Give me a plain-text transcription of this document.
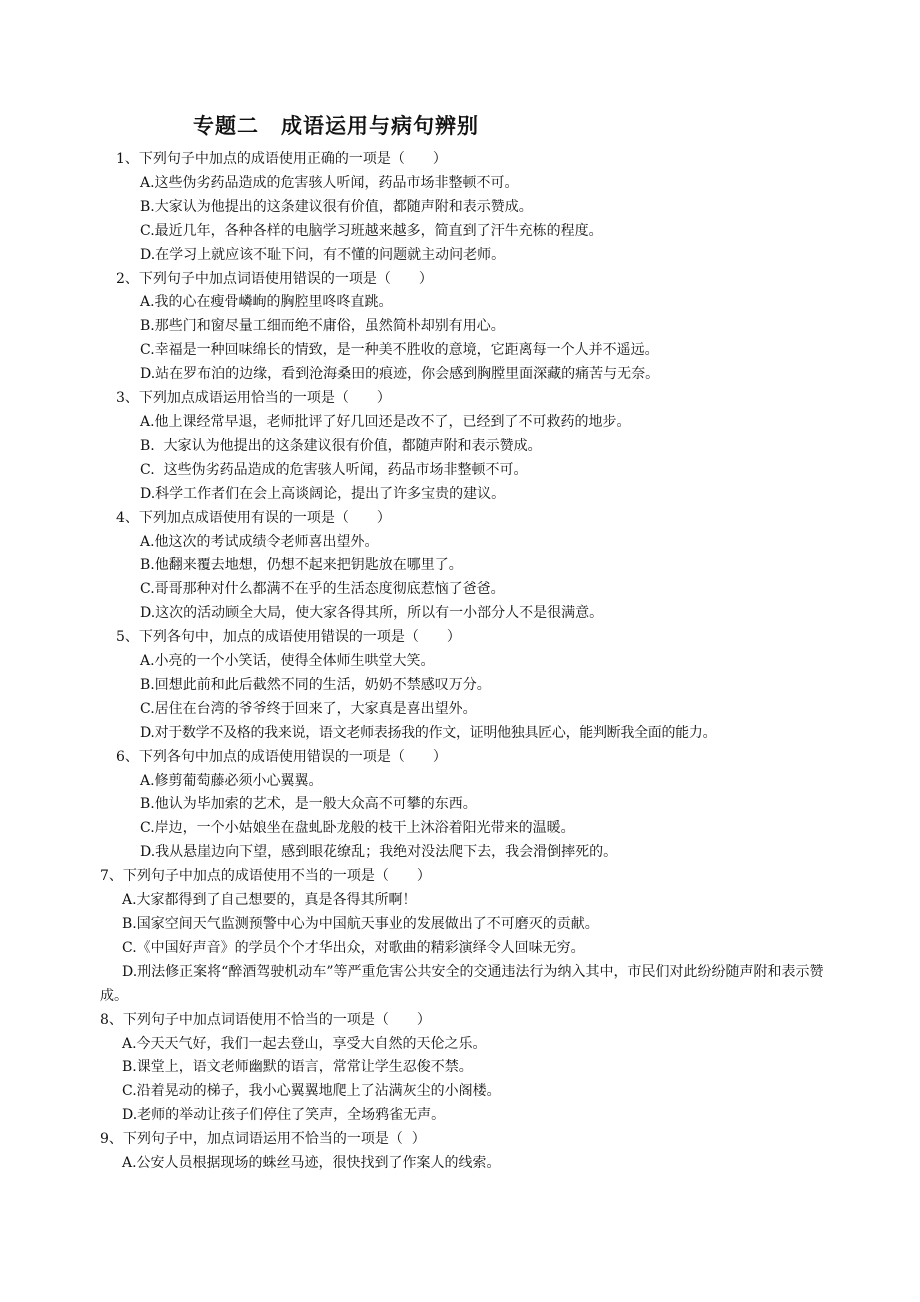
专题二　成语运用与病句辨别
1、下列句子中加点的成语使用正确的一项是（　　）
A.这些伪劣药品造成的危害骇人听闻，药品市场非整顿不可。
B.大家认为他提出的这条建议很有价值，都随声附和表示赞成。
C.最近几年，各种各样的电脑学习班越来越多，简直到了汗牛充栋的程度。
D.在学习上就应该不耻下问，有不懂的问题就主动问老师。
2、下列句子中加点词语使用错误的一项是（　　）
A.我的心在瘦骨嶙峋的胸腔里咚咚直跳。
B.那些门和窗尽量工细而绝不庸俗，虽然简朴却别有用心。
C.幸福是一种回味绵长的情致，是一种美不胜收的意境，它距离每一个人并不遥远。
D.站在罗布泊的边缘，看到沧海桑田的痕迹，你会感到胸膛里面深藏的痛苦与无奈。
3、下列加点成语运用恰当的一项是（　　）
A.他上课经常早退，老师批评了好几回还是改不了，已经到了不可救药的地步。
B.  大家认为他提出的这条建议很有价值，都随声附和表示赞成。
C.  这些伪劣药品造成的危害骇人听闻，药品市场非整顿不可。
D.科学工作者们在会上高谈阔论，提出了许多宝贵的建议。
4、下列加点成语使用有误的一项是（　　）
A.他这次的考试成绩令老师喜出望外。
B.他翻来覆去地想，仍想不起来把钥匙放在哪里了。
C.哥哥那种对什么都满不在乎的生活态度彻底惹恼了爸爸。
D.这次的活动顾全大局，使大家各得其所，所以有一小部分人不是很满意。
5、下列各句中，加点的成语使用错误的一项是（　　）
A.小亮的一个小笑话，使得全体师生哄堂大笑。
B.回想此前和此后截然不同的生活，奶奶不禁感叹万分。
C.居住在台湾的爷爷终于回来了，大家真是喜出望外。
D.对于数学不及格的我来说，语文老师表扬我的作文，证明他独具匠心，能判断我全面的能力。
6、下列各句中加点的成语使用错误的一项是（　　）
A.修剪葡萄藤必须小心翼翼。
B.他认为毕加索的艺术，是一般大众高不可攀的东西。
C.岸边，一个小姑娘坐在盘虬卧龙般的枝干上沐浴着阳光带来的温暖。
D.我从悬崖边向下望，感到眼花缭乱；我绝对没法爬下去，我会滑倒摔死的。
7、下列句子中加点的成语使用不当的一项是（　　）
A.大家都得到了自己想要的，真是各得其所啊！
B.国家空间天气监测预警中心为中国航天事业的发展做出了不可磨灭的贡献。
C.《中国好声音》的学员个个才华出众，对歌曲的精彩演绎令人回味无穷。
D.刑法修正案将“醉酒驾驶机动车”等严重危害公共安全的交通违法行为纳入其中，市民们对此纷纷随声附和表示赞成。
8、下列句子中加点词语使用不恰当的一项是（　　）
A.今天天气好，我们一起去登山，享受大自然的天伦之乐。
B.课堂上，语文老师幽默的语言，常常让学生忍俊不禁。
C.沿着晃动的梯子，我小心翼翼地爬上了沾满灰尘的小阁楼。
D.老师的举动让孩子们停住了笑声，全场鸦雀无声。
9、下列句子中，加点词语运用不恰当的一项是（  ）
A.公安人员根据现场的蛛丝马迹，很快找到了作案人的线索。
